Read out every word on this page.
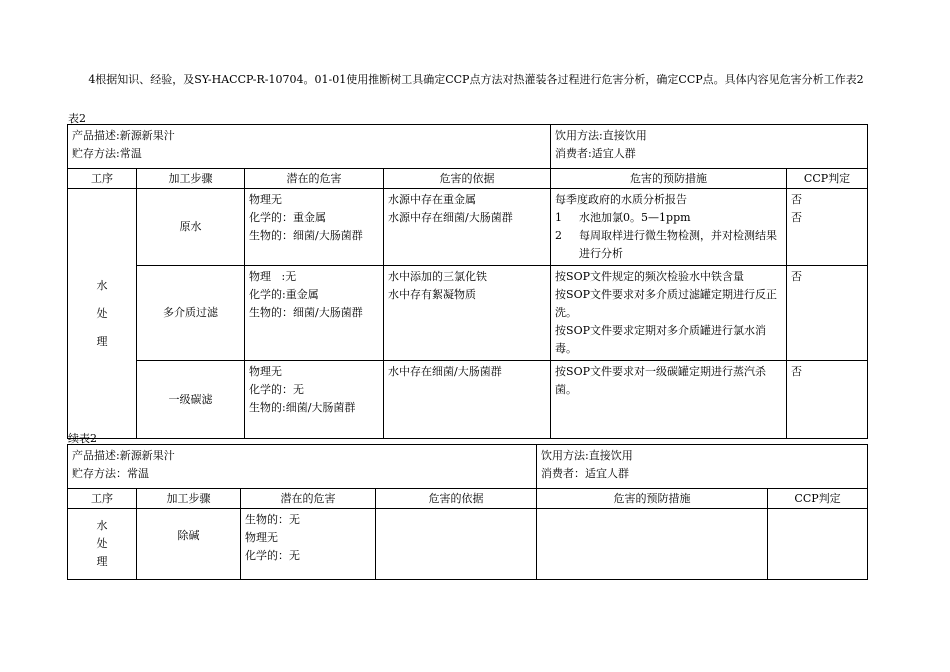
4根据知识、经验，及SY-HACCP-R-10704。01-01使用推断树工具确定CCP点方法对热灌装各过程进行危害分析，确定CCP点。具体内容见危害分析工作表2
表2
产品描述:新源新果汁
贮存方法:常温				饮用方法:直接饮用
消费者:适宜人群	

工序	加工步骤	潜在的危害	危害的依据	危害的预防措施	CCP判定

水
处
理	原水	物理无
化学的：重金属
生物的：细菌/大肠菌群	水源中存在重金属
水源中存在细菌/大肠菌群	每季度政府的水质分析报告
1 水池加氯0。5—1ppm
2 每周取样进行微生物检测，并对检测结果进行分析	否
否

	多介质过滤	物理   :无
化学的:重金属
生物的：细菌/大肠菌群	水中添加的三氯化铁
水中存有絮凝物质	按SOP文件规定的频次检验水中铁含量
按SOP文件要求对多介质过滤罐定期进行反正洗。
按SOP文件要求定期对多介质罐进行氯水消毒。	否

	一级碳滤	物理无
化学的：无
生物的:细菌/大肠菌群	水中存在细菌/大肠菌群	按SOP文件要求对一级碳罐定期进行蒸汽杀菌。	否
续表2
产品描述:新源新果汁
贮存方法：常温				饮用方法:直接饮用
消费者：适宜人群	

工序	加工步骤	潜在的危害	危害的依据	危害的预防措施	CCP判定

水
处
理	除碱	生物的：无
物理无
化学的：无			
